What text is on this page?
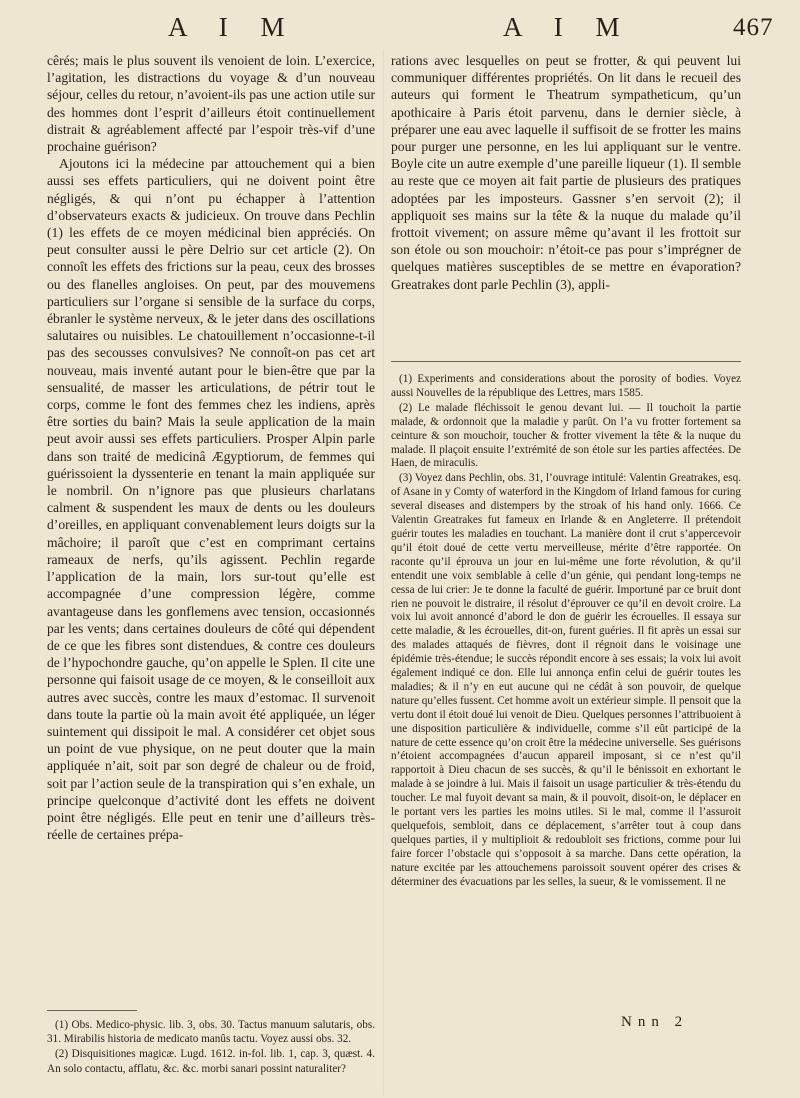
A I M	A I M	467

cêrés; mais le plus souvent ils venoient de loin. L’exercice, l’agitation, les distractions du voyage & d’un nouveau séjour, celles du retour, n’avoient-ils pas une action utile sur des hommes dont l’esprit d’ailleurs étoit continuellement distrait & agréablement affecté par l’espoir très-vif d’une prochaine guérison?

Ajoutons ici la médecine par attouchement qui a bien aussi ses effets particuliers, qui ne doivent point être négligés, & qui n’ont pu échapper à l’attention d’observateurs exacts & judicieux. On trouve dans Pechlin (1) les effets de ce moyen médicinal bien appréciés. On peut consulter aussi le père Delrio sur cet article (2). On connoît les effets des frictions sur la peau, ceux des brosses ou des flanelles angloises. On peut, par des mouvemens particuliers sur l’organe si sensible de la surface du corps, ébranler le système nerveux, & le jeter dans des oscillations salutaires ou nuisibles. Le chatouillement n’occasionne-t-il pas des secousses convulsives? Ne connoît-on pas cet art nouveau, mais inventé autant pour le bien-être que par la sensualité, de masser les articulations, de pétrir tout le corps, comme le font des femmes chez les indiens, après être sorties du bain? Mais la seule application de la main peut avoir aussi ses effets particuliers. Prosper Alpin parle dans son traité de medicinâ Ægyptiorum, de femmes qui guérissoient la dyssenterie en tenant la main appliquée sur le nombril. On n’ignore pas que plusieurs charlatans calment & suspendent les maux de dents ou les douleurs d’oreilles, en appliquant convenablement leurs doigts sur la mâchoire; il paroît que c’est en comprimant certains rameaux de nerfs, qu’ils agissent. Pechlin regarde l’application de la main, lors sur-tout qu’elle est accompagnée d’une compression légère, comme avantageuse dans les gonflemens avec tension, occasionnés par les vents; dans certaines douleurs de côté qui dépendent de ce que les fibres sont distendues, & contre ces douleurs de l’hypochondre gauche, qu’on appelle le Splen. Il cite une personne qui faisoit usage de ce moyen, & le conseilloit aux autres avec succès, contre les maux d’estomac. Il survenoit dans toute la partie où la main avoit été appliquée, un léger suintement qui dissipoit le mal. A considérer cet objet sous un point de vue physique, on ne peut douter que la main appliquée n’ait, soit par son degré de chaleur ou de froid, soit par l’action seule de la transpiration qui s’en exhale, un principe quelconque d’activité dont les effets ne doivent point être négligés. Elle peut en tenir une d’ailleurs très-réelle de certaines prépa-

(1) Obs. Medico-physic. lib. 3, obs. 30. Tactus manuum salutaris, obs. 31. Mirabilis historia de medicato manûs tactu. Voyez aussi obs. 32.

(2) Disquisitiones magicæ. Lugd. 1612. in-fol. lib. 1, cap. 3, quæst. 4. An solo contactu, afflatu, &c. &c. morbi sanari possint naturaliter?

rations avec lesquelles on peut se frotter, & qui peuvent lui communiquer différentes propriétés. On lit dans le recueil des auteurs qui forment le Theatrum sympatheticum, qu’un apothicaire à Paris étoit parvenu, dans le dernier siècle, à préparer une eau avec laquelle il suffisoit de se frotter les mains pour purger une personne, en les lui appliquant sur le ventre. Boyle cite un autre exemple d’une pareille liqueur (1). Il semble au reste que ce moyen ait fait partie de plusieurs des pratiques adoptées par les imposteurs. Gassner s’en servoit (2); il appliquoit ses mains sur la tête & la nuque du malade qu’il frottoit vivement; on assure même qu’avant il les frottoit sur son étole ou son mouchoir: n’étoit-ce pas pour s’imprégner de quelques matières susceptibles de se mettre en évaporation? Greatrakes dont parle Pechlin (3), appli-

(1) Experiments and considerations about the porosity of bodies. Voyez aussi Nouvelles de la république des Lettres, mars 1585.

(2) Le malade fléchissoit le genou devant lui. — Il touchoit la partie malade, & ordonnoit que la maladie y parût. On l’a vu frotter fortement sa ceinture & son mouchoir, toucher & frotter vivement la tête & la nuque du malade. Il plaçoit ensuite l’extrémité de son étole sur les parties affectées. De Haen, de miraculis.

(3) Voyez dans Pechlin, obs. 31, l’ouvrage intitulé: Valentin Greatrakes, esq. of Asane in y Comty of waterford in the Kingdom of Irland famous for curing several diseases and distempers by the stroak of his hand only. 1666. Ce Valentin Greatrakes fut fameux en Irlande & en Angleterre. Il prétendoit guérir toutes les maladies en touchant. La manière dont il crut s’appercevoir qu’il étoit doué de cette vertu merveilleuse, mérite d’être rapportée. On raconte qu’il éprouva un jour en lui-même une forte révolution, & qu’il entendit une voix semblable à celle d’un génie, qui pendant long-temps ne cessa de lui crier: Je te donne la faculté de guérir. Importuné par ce bruit dont rien ne pouvoit le distraire, il résolut d’éprouver ce qu’il en devoit croire. La voix lui avoit annoncé d’abord le don de guérir les écrouelles. Il essaya sur cette maladie, & les écrouelles, dit-on, furent guéries. Il fit après un essai sur des malades attaqués de fièvres, dont il régnoit dans le voisinage une épidémie très-étendue; le succès répondit encore à ses essais; la voix lui avoit également indiqué ce don. Elle lui annonça enfin celui de guérir toutes les maladies; & il n’y en eut aucune qui ne cédât à son pouvoir, de quelque nature qu’elles fussent. Cet homme avoit un extérieur simple. Il pensoit que la vertu dont il étoit doué lui venoit de Dieu. Quelques personnes l’attribuoient à une disposition particulière & individuelle, comme s’il eût participé de la nature de cette essence qu’on croit être la médecine universelle. Ses guérisons n’étoient accompagnées d’aucun appareil imposant, si ce n’est qu’il rapportoit à Dieu chacun de ses succès, & qu’il le bénissoit en exhortant le malade à se joindre à lui. Mais il faisoit un usage particulier & très-étendu du toucher. Le mal fuyoit devant sa main, & il pouvoit, disoit-on, le déplacer en le portant vers les parties les moins utiles. Si le mal, comme il l’assuroit quelquefois, sembloit, dans ce déplacement, s’arrêter tout à coup dans quelques parties, il y multiplioit & redoubloit ses frictions, comme pour lui faire forcer l’obstacle qui s’opposoit à sa marche. Dans cette opération, la nature excitée par les attouchemens paroissoit souvent opérer des crises & déterminer des évacuations par les selles, la sueur, & le vomissement. Il ne

Nnn 2
